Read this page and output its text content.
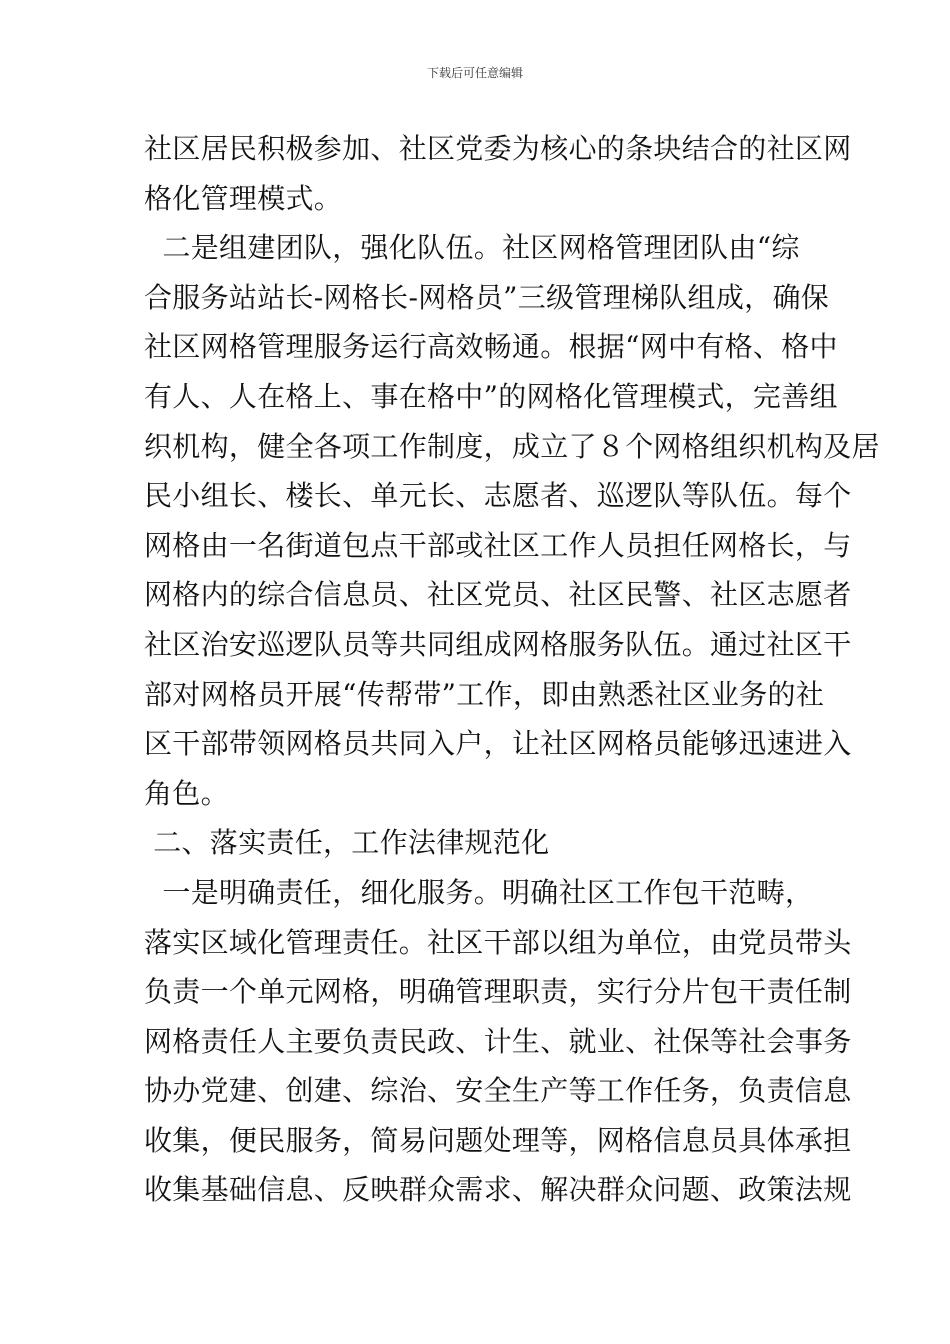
下载后可任意编辑
社区居民积极参加、社区党委为核心的条块结合的社区网
格化管理模式。
二是组建团队，强化队伍。社区网格管理团队由“综
合服务站站长-网格长-网格员”三级管理梯队组成，确保
社区网格管理服务运行高效畅通。根据“网中有格、格中
有人、人在格上、事在格中”的网格化管理模式，完善组
织机构，健全各项工作制度，成立了８个网格组织机构及居
民小组长、楼长、单元长、志愿者、巡逻队等队伍。每个
网格由一名街道包点干部或社区工作人员担任网格长，与
网格内的综合信息员、社区党员、社区民警、社区志愿者
社区治安巡逻队员等共同组成网格服务队伍。通过社区干
部对网格员开展“传帮带”工作，即由熟悉社区业务的社
区干部带领网格员共同入户，让社区网格员能够迅速进入
角色。
二、落实责任，工作法律规范化
一是明确责任，细化服务。明确社区工作包干范畴，
落实区域化管理责任。社区干部以组为单位，由党员带头
负责一个单元网格，明确管理职责，实行分片包干责任制
网格责任人主要负责民政、计生、就业、社保等社会事务
协办党建、创建、综治、安全生产等工作任务，负责信息
收集，便民服务，简易问题处理等，网格信息员具体承担
收集基础信息、反映群众需求、解决群众问题、政策法规
